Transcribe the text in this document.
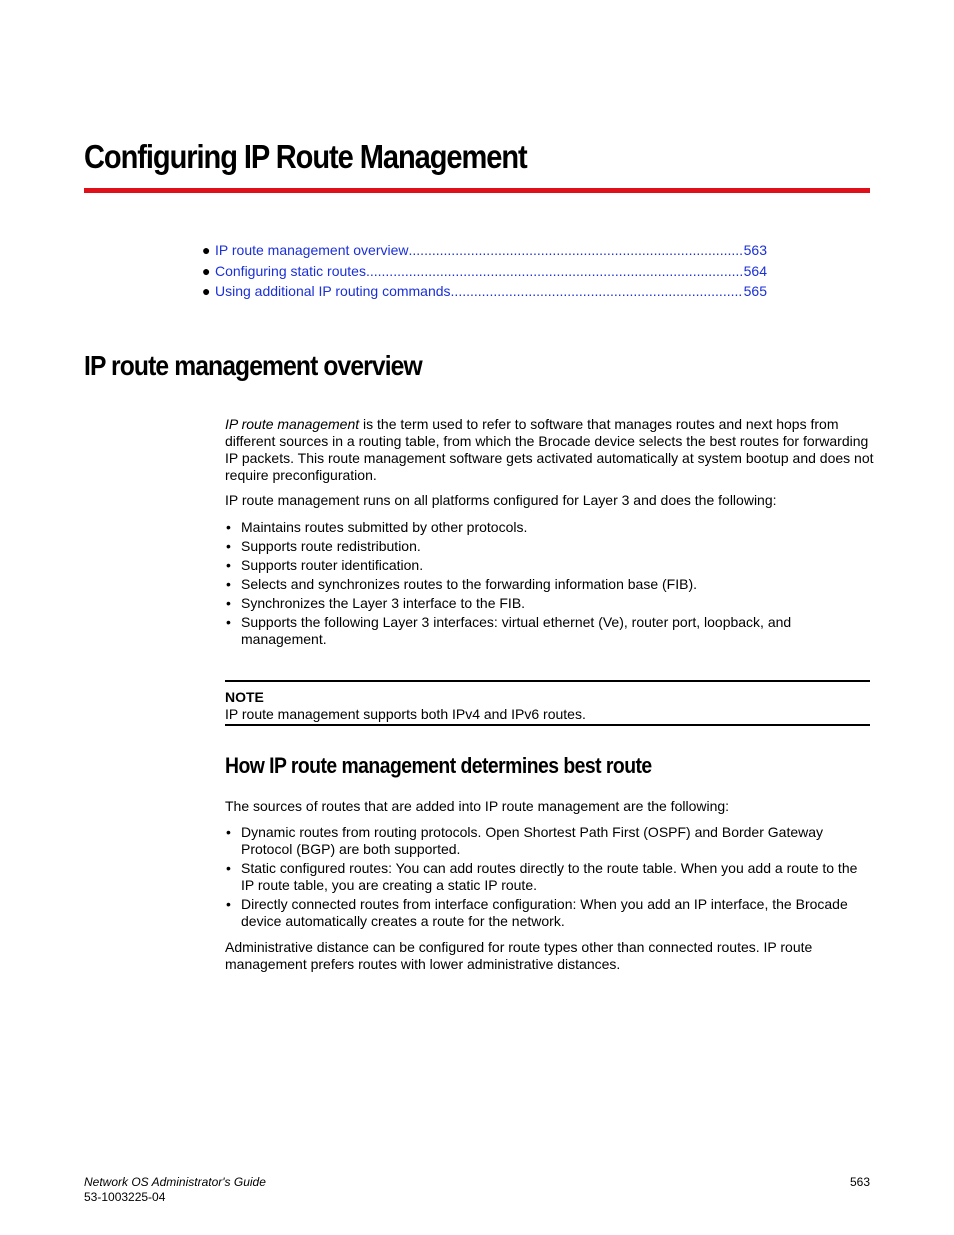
Configuring IP Route Management
● IP route management overview .....	563
● Configuring static routes .....	564
● Using additional IP routing commands .....	565
IP route management overview

IP route management is the term used to refer to software that manages routes and next hops from different sources in a routing table, from which the Brocade device selects the best routes for forwarding IP packets. This route management software gets activated automatically at system bootup and does not require preconfiguration.

IP route management runs on all platforms configured for Layer 3 and does the following:

• Maintains routes submitted by other protocols.
• Supports route redistribution.
• Supports router identification.
• Selects and synchronizes routes to the forwarding information base (FIB).
• Synchronizes the Layer 3 interface to the FIB.
• Supports the following Layer 3 interfaces: virtual ethernet (Ve), router port, loopback, and management.
NOTE
IP route management supports both IPv4 and IPv6 routes.
How IP route management determines best route

The sources of routes that are added into IP route management are the following:

• Dynamic routes from routing protocols. Open Shortest Path First (OSPF) and Border Gateway Protocol (BGP) are both supported.
• Static configured routes: You can add routes directly to the route table. When you add a route to the IP route table, you are creating a static IP route.
• Directly connected routes from interface configuration: When you add an IP interface, the Brocade device automatically creates a route for the network.

Administrative distance can be configured for route types other than connected routes. IP route management prefers routes with lower administrative distances.

Network OS Administrator's Guide
53-1003225-04
563
